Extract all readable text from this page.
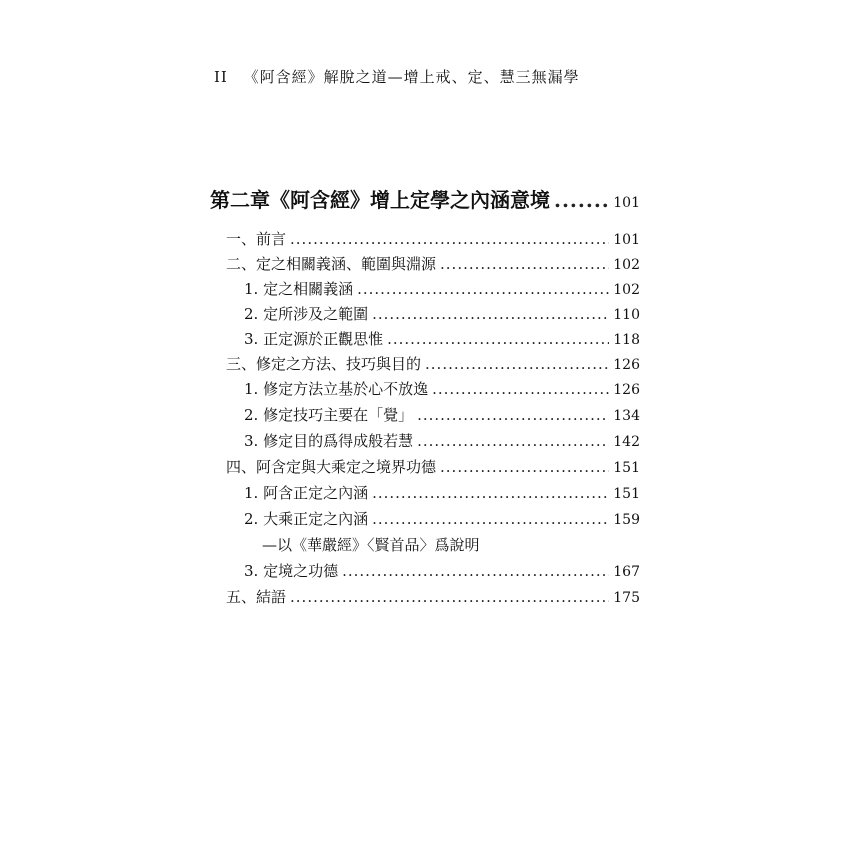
II 《阿含經》解脫之道—增上戒、定、慧三無漏學
第二章《阿含經》增上定學之內涵意境 .....	101
一、前言 .....	101
二、定之相關義涵、範圍與淵源 .....	102
1. 定之相關義涵 .....	102
2. 定所涉及之範圍 .....	110
3. 正定源於正觀思惟 .....	118
三、修定之方法、技巧與目的 .....	126
1. 修定方法立基於心不放逸 .....	126
2. 修定技巧主要在「覺」 .....	134
3. 修定目的爲得成般若慧 .....	142
四、阿含定與大乘定之境界功德 .....	151
1. 阿含正定之內涵 .....	151
2. 大乘正定之內涵 .....	159
—以《華嚴經》〈賢首品〉爲說明
3. 定境之功德 .....	167
五、結語 .....	175
